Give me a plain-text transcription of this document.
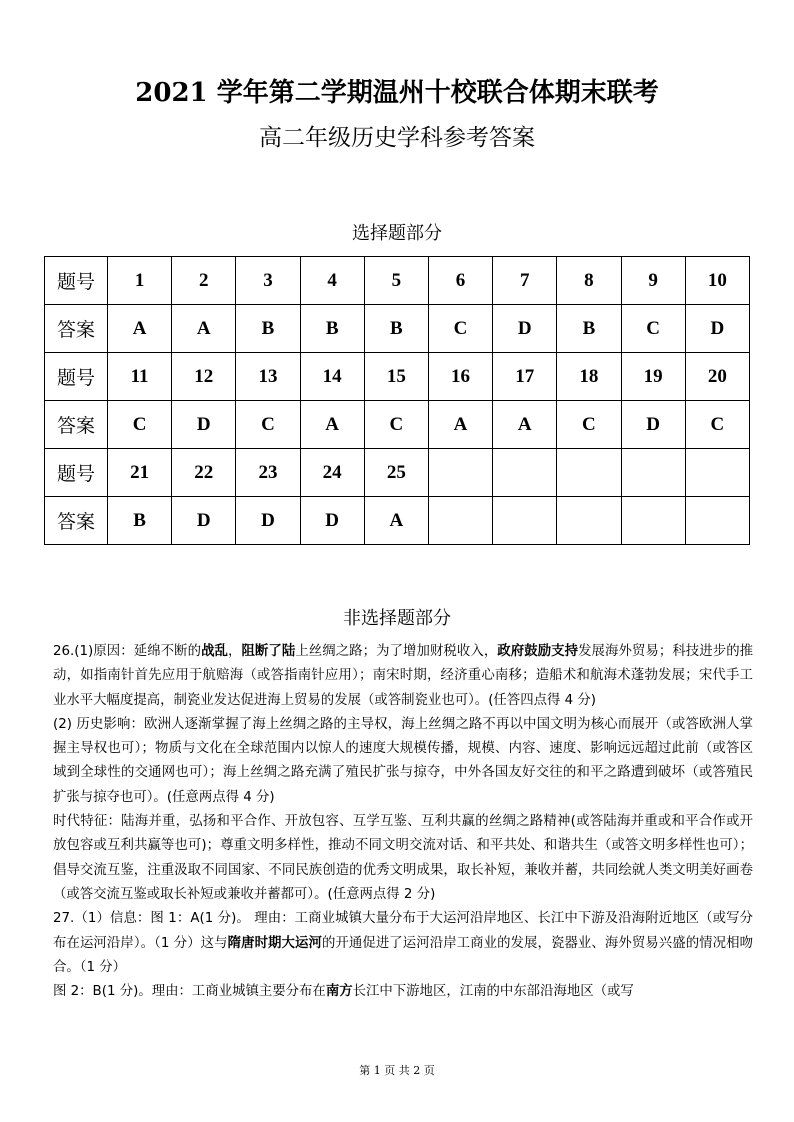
2021 学年第二学期温州十校联合体期末联考
高二年级历史学科参考答案
选择题部分
题号	1	2	3	4	5	6	7	8	9	10
答案	A	A	B	B	B	C	D	B	C	D
题号	11	12	13	14	15	16	17	18	19	20
答案	C	D	C	A	C	A	A	C	D	C
题号	21	22	23	24	25					
答案	B	D	D	D	A					
非选择题部分

26.(1)原因：延绵不断的战乱，阻断了陆上丝绸之路；为了增加财税收入，政府鼓励支持发展海外贸易；科技进步的推动，如指南针首先应用于航赔海（或答指南针应用）；南宋时期，经济重心南移；造船术和航海术蓬勃发展；宋代手工业水平大幅度提高，制瓷业发达促进海上贸易的发展（或答制瓷业也可）。(任答四点得 4 分)

(2) 历史影响：欧洲人逐渐掌握了海上丝绸之路的主导权，海上丝绸之路不再以中国文明为核心而展开（或答欧洲人掌握主导权也可）；物质与文化在全球范围内以惊人的速度大规模传播，规模、内容、速度、影响远远超过此前（或答区域到全球性的交通网也可）；海上丝绸之路充满了殖民扩张与掠夺，中外各国友好交往的和平之路遭到破坏（或答殖民扩张与掠夺也可）。(任意两点得 4 分)

时代特征：陆海并重，弘扬和平合作、开放包容、互学互鉴、互利共赢的丝绸之路精神(或答陆海并重或和平合作或开放包容或互利共赢等也可)；尊重文明多样性，推动不同文明交流对话、和平共处、和谐共生（或答文明多样性也可）；倡导交流互鉴，注重汲取不同国家、不同民族创造的优秀文明成果，取长补短，兼收并蓄，共同绘就人类文明美好画卷（或答交流互鉴或取长补短或兼收并蓄都可）。(任意两点得 2 分)

27.（1）信息：图 1：A(1 分)。 理由：工商业城镇大量分布于大运河沿岸地区、长江中下游及沿海附近地区（或写分布在运河沿岸）。（1 分）这与隋唐时期大运河的开通促进了运河沿岸工商业的发展，瓷器业、海外贸易兴盛的情况相吻合。（1 分）

图 2：B(1 分)。理由：工商业城镇主要分布在南方长江中下游地区，江南的中东部沿海地区（或写

第 1 页 共 2 页
